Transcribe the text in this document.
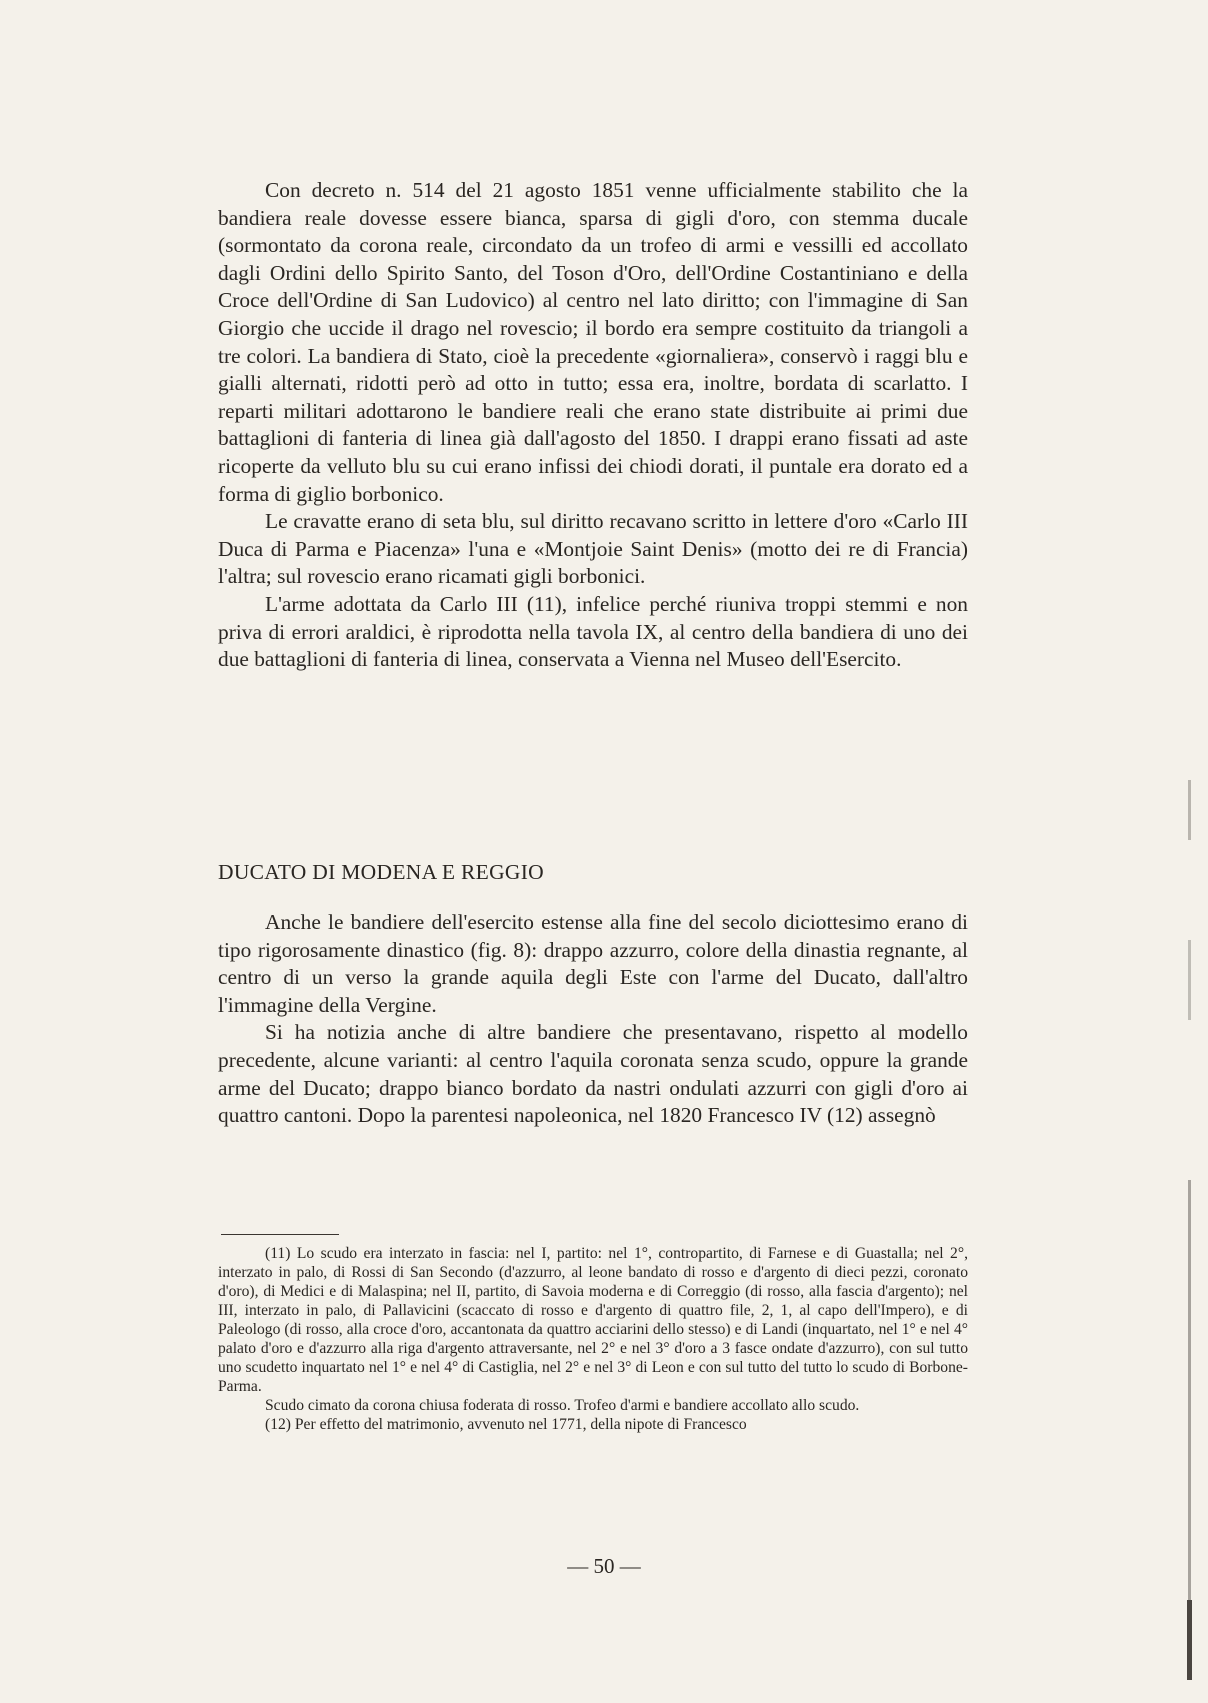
Con decreto n. 514 del 21 agosto 1851 venne ufficialmente stabilito che la bandiera reale dovesse essere bianca, sparsa di gigli d'oro, con stemma ducale (sormontato da corona reale, circondato da un trofeo di armi e vessilli ed accollato dagli Ordini dello Spirito Santo, del Toson d'Oro, dell'Ordine Costantiniano e della Croce dell'Ordine di San Ludovico) al centro nel lato diritto; con l'immagine di San Giorgio che uccide il drago nel rovescio; il bordo era sempre costituito da triangoli a tre colori. La bandiera di Stato, cioè la precedente «giornaliera», conservò i raggi blu e gialli alternati, ridotti però ad otto in tutto; essa era, inoltre, bordata di scarlatto. I reparti militari adottarono le bandiere reali che erano state distribuite ai primi due battaglioni di fanteria di linea già dall'agosto del 1850. I drappi erano fissati ad aste ricoperte da velluto blu su cui erano infissi dei chiodi dorati, il puntale era dorato ed a forma di giglio borbonico.

Le cravatte erano di seta blu, sul diritto recavano scritto in lettere d'oro «Carlo III Duca di Parma e Piacenza» l'una e «Montjoie Saint Denis» (motto dei re di Francia) l'altra; sul rovescio erano ricamati gigli borbonici.

L'arme adottata da Carlo III (11), infelice perché riuniva troppi stemmi e non priva di errori araldici, è riprodotta nella tavola IX, al centro della bandiera di uno dei due battaglioni di fanteria di linea, conservata a Vienna nel Museo dell'Esercito.

DUCATO DI MODENA E REGGIO

Anche le bandiere dell'esercito estense alla fine del secolo diciottesimo erano di tipo rigorosamente dinastico (fig. 8): drappo azzurro, colore della dinastia regnante, al centro di un verso la grande aquila degli Este con l'arme del Ducato, dall'altro l'immagine della Vergine.

Si ha notizia anche di altre bandiere che presentavano, rispetto al modello precedente, alcune varianti: al centro l'aquila coronata senza scudo, oppure la grande arme del Ducato; drappo bianco bordato da nastri ondulati azzurri con gigli d'oro ai quattro cantoni. Dopo la parentesi napoleonica, nel 1820 Francesco IV (12) assegnò

(11) Lo scudo era interzato in fascia: nel I, partito: nel 1°, contropartito, di Farnese e di Guastalla; nel 2°, interzato in palo, di Rossi di San Secondo (d'azzurro, al leone bandato di rosso e d'argento di dieci pezzi, coronato d'oro), di Medici e di Malaspina; nel II, partito, di Savoia moderna e di Correggio (di rosso, alla fascia d'argento); nel III, interzato in palo, di Pallavicini (scaccato di rosso e d'argento di quattro file, 2, 1, al capo dell'Impero), e di Paleologo (di rosso, alla croce d'oro, accantonata da quattro acciarini dello stesso) e di Landi (inquartato, nel 1° e nel 4° palato d'oro e d'azzurro alla riga d'argento attraversante, nel 2° e nel 3° d'oro a 3 fasce ondate d'azzurro), con sul tutto uno scudetto inquartato nel 1° e nel 4° di Castiglia, nel 2° e nel 3° di Leon e con sul tutto del tutto lo scudo di Borbone-Parma.

Scudo cimato da corona chiusa foderata di rosso. Trofeo d'armi e bandiere accollato allo scudo.

(12) Per effetto del matrimonio, avvenuto nel 1771, della nipote di Francesco

— 50 —
